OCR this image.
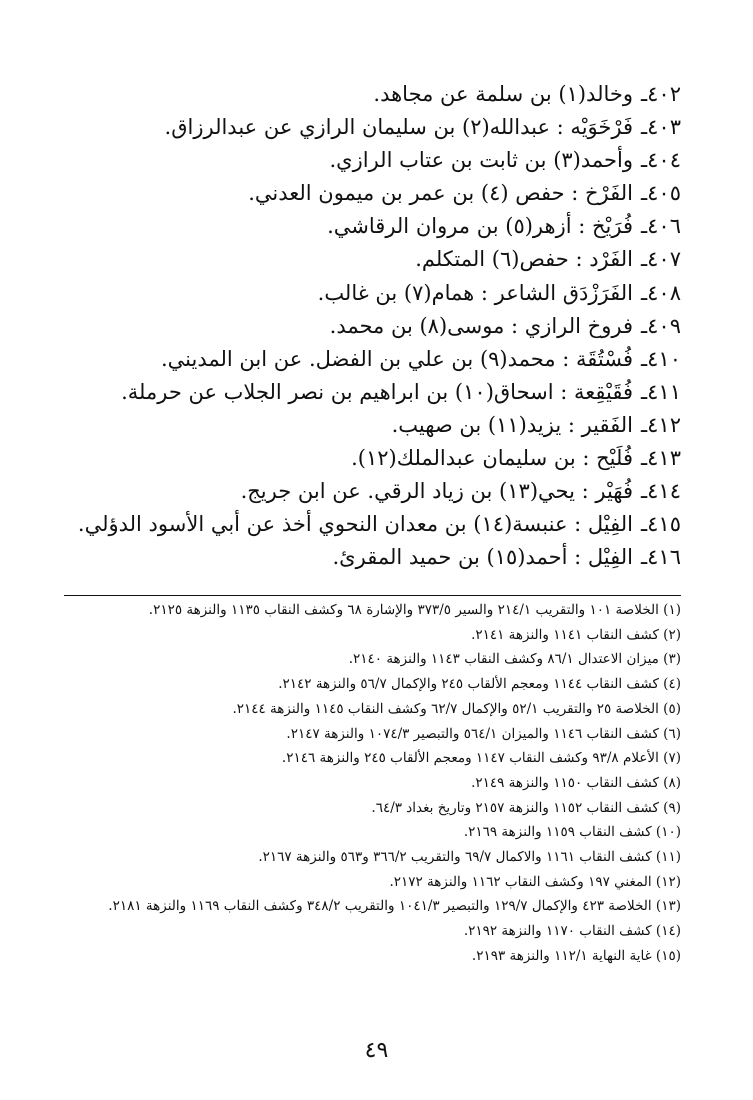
٤٠٢ـوخالد(١) بن سلمة عن مجاهد.
٤٠٣ـفَرْخَوَيْه : عبدالله(٢) بن سليمان الرازي عن عبدالرزاق.
٤٠٤ـوأحمد(٣) بن ثابت بن عتاب الرازي.
٤٠٥ـالفَرْخ : حفص (٤) بن عمر بن ميمون العدني.
٤٠٦ـفُرَيْخ : أزهر(٥) بن مروان الرقاشي.
٤٠٧ـالفَرْد : حفص(٦) المتكلم.
٤٠٨ـالفَرَزْدَق الشاعر : همام(٧) بن غالب.
٤٠٩ـفروخ الرازي : موسى(٨) بن محمد.
٤١٠ـفُسْتُقَة : محمد(٩) بن علي بن الفضل. عن ابن المديني.
٤١١ـفُقَيْقِعة : اسحاق(١٠) بن ابراهيم بن نصر الجلاب عن حرملة.
٤١٢ـالفَقير : يزيد(١١) بن صهيب.
٤١٣ـفُلَيْح : بن سليمان عبدالملك(١٢).
٤١٤ـفُهَيْر : يحي(١٣) بن زياد الرقي. عن ابن جريج.
٤١٥ـالفِيْل : عنبسة(١٤) بن معدان النحوي أخذ عن أبي الأسود الدؤلي.
٤١٦ـالفِيْل : أحمد(١٥) بن حميد المقرئ.
(١) الخلاصة ١٠١ والتقريب ٢١٤/١ والسير ٣٧٣/٥ والإشارة ٦٨ وكشف النقاب ١١٣٥ والنزهة ٢١٢٥.
(٢) كشف النقاب ١١٤١ والنزهة ٢١٤١.
(٣) ميزان الاعتدال ٨٦/١ وكشف النقاب ١١٤٣ والنزهة ٢١٤٠.
(٤) كشف النقاب ١١٤٤ ومعجم الألقاب ٢٤٥ والإكمال ٥٦/٧ والنزهة ٢١٤٢.
(٥) الخلاصة ٢٥ والتقريب ٥٢/١ والإكمال ٦٢/٧ وكشف النقاب ١١٤٥ والنزهة ٢١٤٤.
(٦) كشف النقاب ١١٤٦ والميزان ٥٦٤/١ والتبصير ١٠٧٤/٣ والنزهة ٢١٤٧.
(٧) الأعلام ٩٣/٨ وكشف النقاب ١١٤٧ ومعجم الألقاب ٢٤٥ والنزهة ٢١٤٦.
(٨) كشف النقاب ١١٥٠ والنزهة ٢١٤٩.
(٩) كشف النقاب ١١٥٢ والنزهة ٢١٥٧ وتاريخ بغداد ٦٤/٣.
(١٠) كشف النقاب ١١٥٩ والنزهة ٢١٦٩.
(١١) كشف النقاب ١١٦١ والاكمال ٦٩/٧ والتقريب ٣٦٦/٢ و٥٦٣ والنزهة ٢١٦٧.
(١٢) المغني ١٩٧ وكشف النقاب ١١٦٢ والنزهة ٢١٧٢.
(١٣) الخلاصة ٤٢٣ والإكمال ١٢٩/٧ والتبصير ١٠٤١/٣ والتقريب ٣٤٨/٢ وكشف النقاب ١١٦٩ والنزهة ٢١٨١.
(١٤) كشف النقاب ١١٧٠ والنزهة ٢١٩٢.
(١٥) غاية النهاية ١١٢/١ والنزهة ٢١٩٣.
٤٩
